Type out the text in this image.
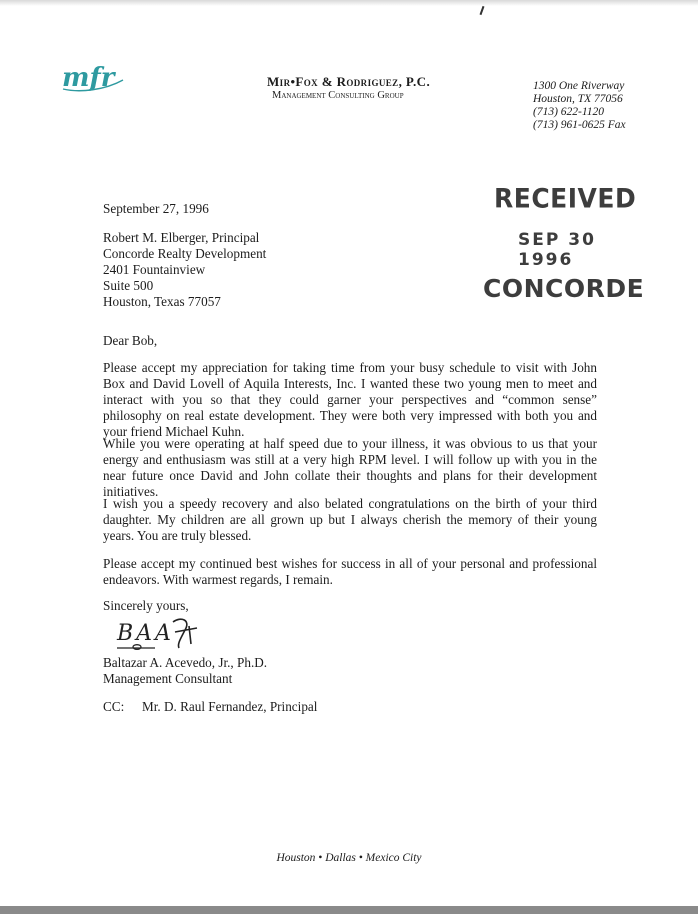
mfr	Mir•Fox & Rodriguez, P.C.
Management Consulting Group
1300 One Riverway
Houston, TX 77056
(713) 622-1120
(713) 961-0625 Fax
RECEIVED
SEP 30 1996
CONCORDE
September 27, 1996
Robert M. Elberger, Principal
Concorde Realty Development
2401 Fountainview
Suite 500
Houston, Texas 77057
Dear Bob,
Please accept my appreciation for taking time from your busy schedule to visit with John Box and David Lovell of Aquila Interests, Inc. I wanted these two young men to meet and interact with you so that they could garner your perspectives and “common sense” philosophy on real estate development. They were both very impressed with both you and your friend Michael Kuhn.
While you were operating at half speed due to your illness, it was obvious to us that your energy and enthusiasm was still at a very high RPM level. I will follow up with you in the near future once David and John collate their thoughts and plans for their development initiatives.
I wish you a speedy recovery and also belated congratulations on the birth of your third daughter. My children are all grown up but I always cherish the memory of their young years. You are truly blessed.
Please accept my continued best wishes for success in all of your personal and professional endeavors. With warmest regards, I remain.
Sincerely yours,
BAA
Baltazar A. Acevedo, Jr., Ph.D.
Management Consultant
CC: Mr. D. Raul Fernandez, Principal
Houston • Dallas • Mexico City
